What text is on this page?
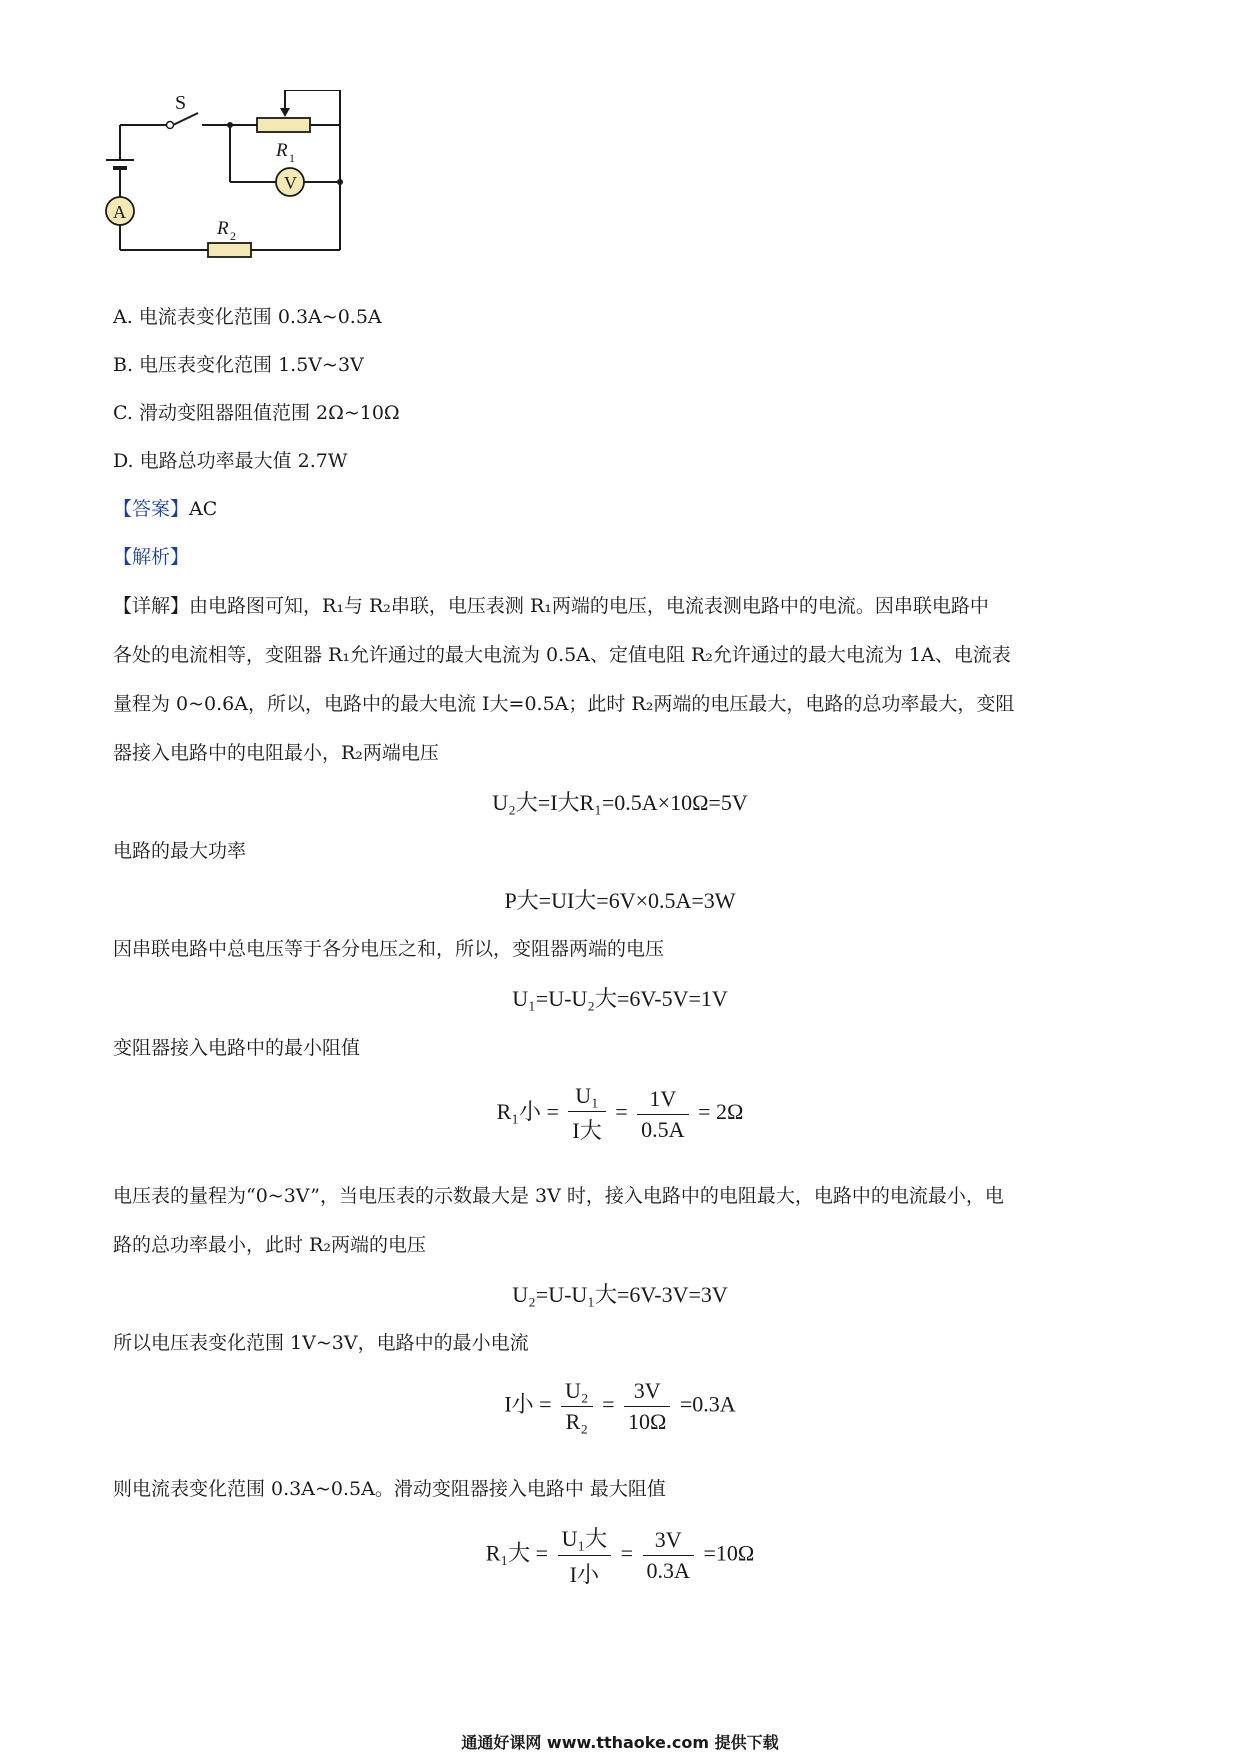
S
R 1
V
A
R 2
A. 电流表变化范围 0.3A~0.5A
B. 电压表变化范围 1.5V~3V
C. 滑动变阻器阻值范围 2Ω~10Ω
D. 电路总功率最大值 2.7W
【答案】AC
【解析】
【详解】由电路图可知，R₁与 R₂串联，电压表测 R₁两端的电压，电流表测电路中的电流。因串联电路中
各处的电流相等，变阻器 R₁允许通过的最大电流为 0.5A、定值电阻 R₂允许通过的最大电流为 1A、电流表
量程为 0~0.6A，所以，电路中的最大电流 I大=0.5A；此时 R₂两端的电压最大，电路的总功率最大，变阻
器接入电路中的电阻最小，R₂两端电压
U₂大=I大R₁=0.5A×10Ω=5V
电路的最大功率
P大=UI大=6V×0.5A=3W
因串联电路中总电压等于各分电压之和，所以，变阻器两端的电压
U₁=U-U₂大=6V-5V=1V
变阻器接入电路中的最小阻值
R₁小 = $\frac{\text{U₁}}{\text{I大}} = \frac{1V}{0.5A} = 2\Omega$
电压表的量程为“0~3V”，当电压表的示数最大是 3V 时，接入电路中的电阻最大，电路中的电流最小，电
路的总功率最小，此时 R₂两端的电压
U₂=U-U₁大=6V-3V=3V
所以电压表变化范围 1V~3V，电路中的最小电流
I小 = $\frac{\text{U₂}}{\text{R₂}} = \frac{3V}{10\Omega} =0.3A$
则电流表变化范围 0.3A~0.5A。滑动变阻器接入电路中 最大阻值
R₁大 = $\frac{\text{U₁大}}{\text{I小}} = \frac{3V}{0.3A} =10\Omega$
通通好课网 www.tthaoke.com 提供下载
